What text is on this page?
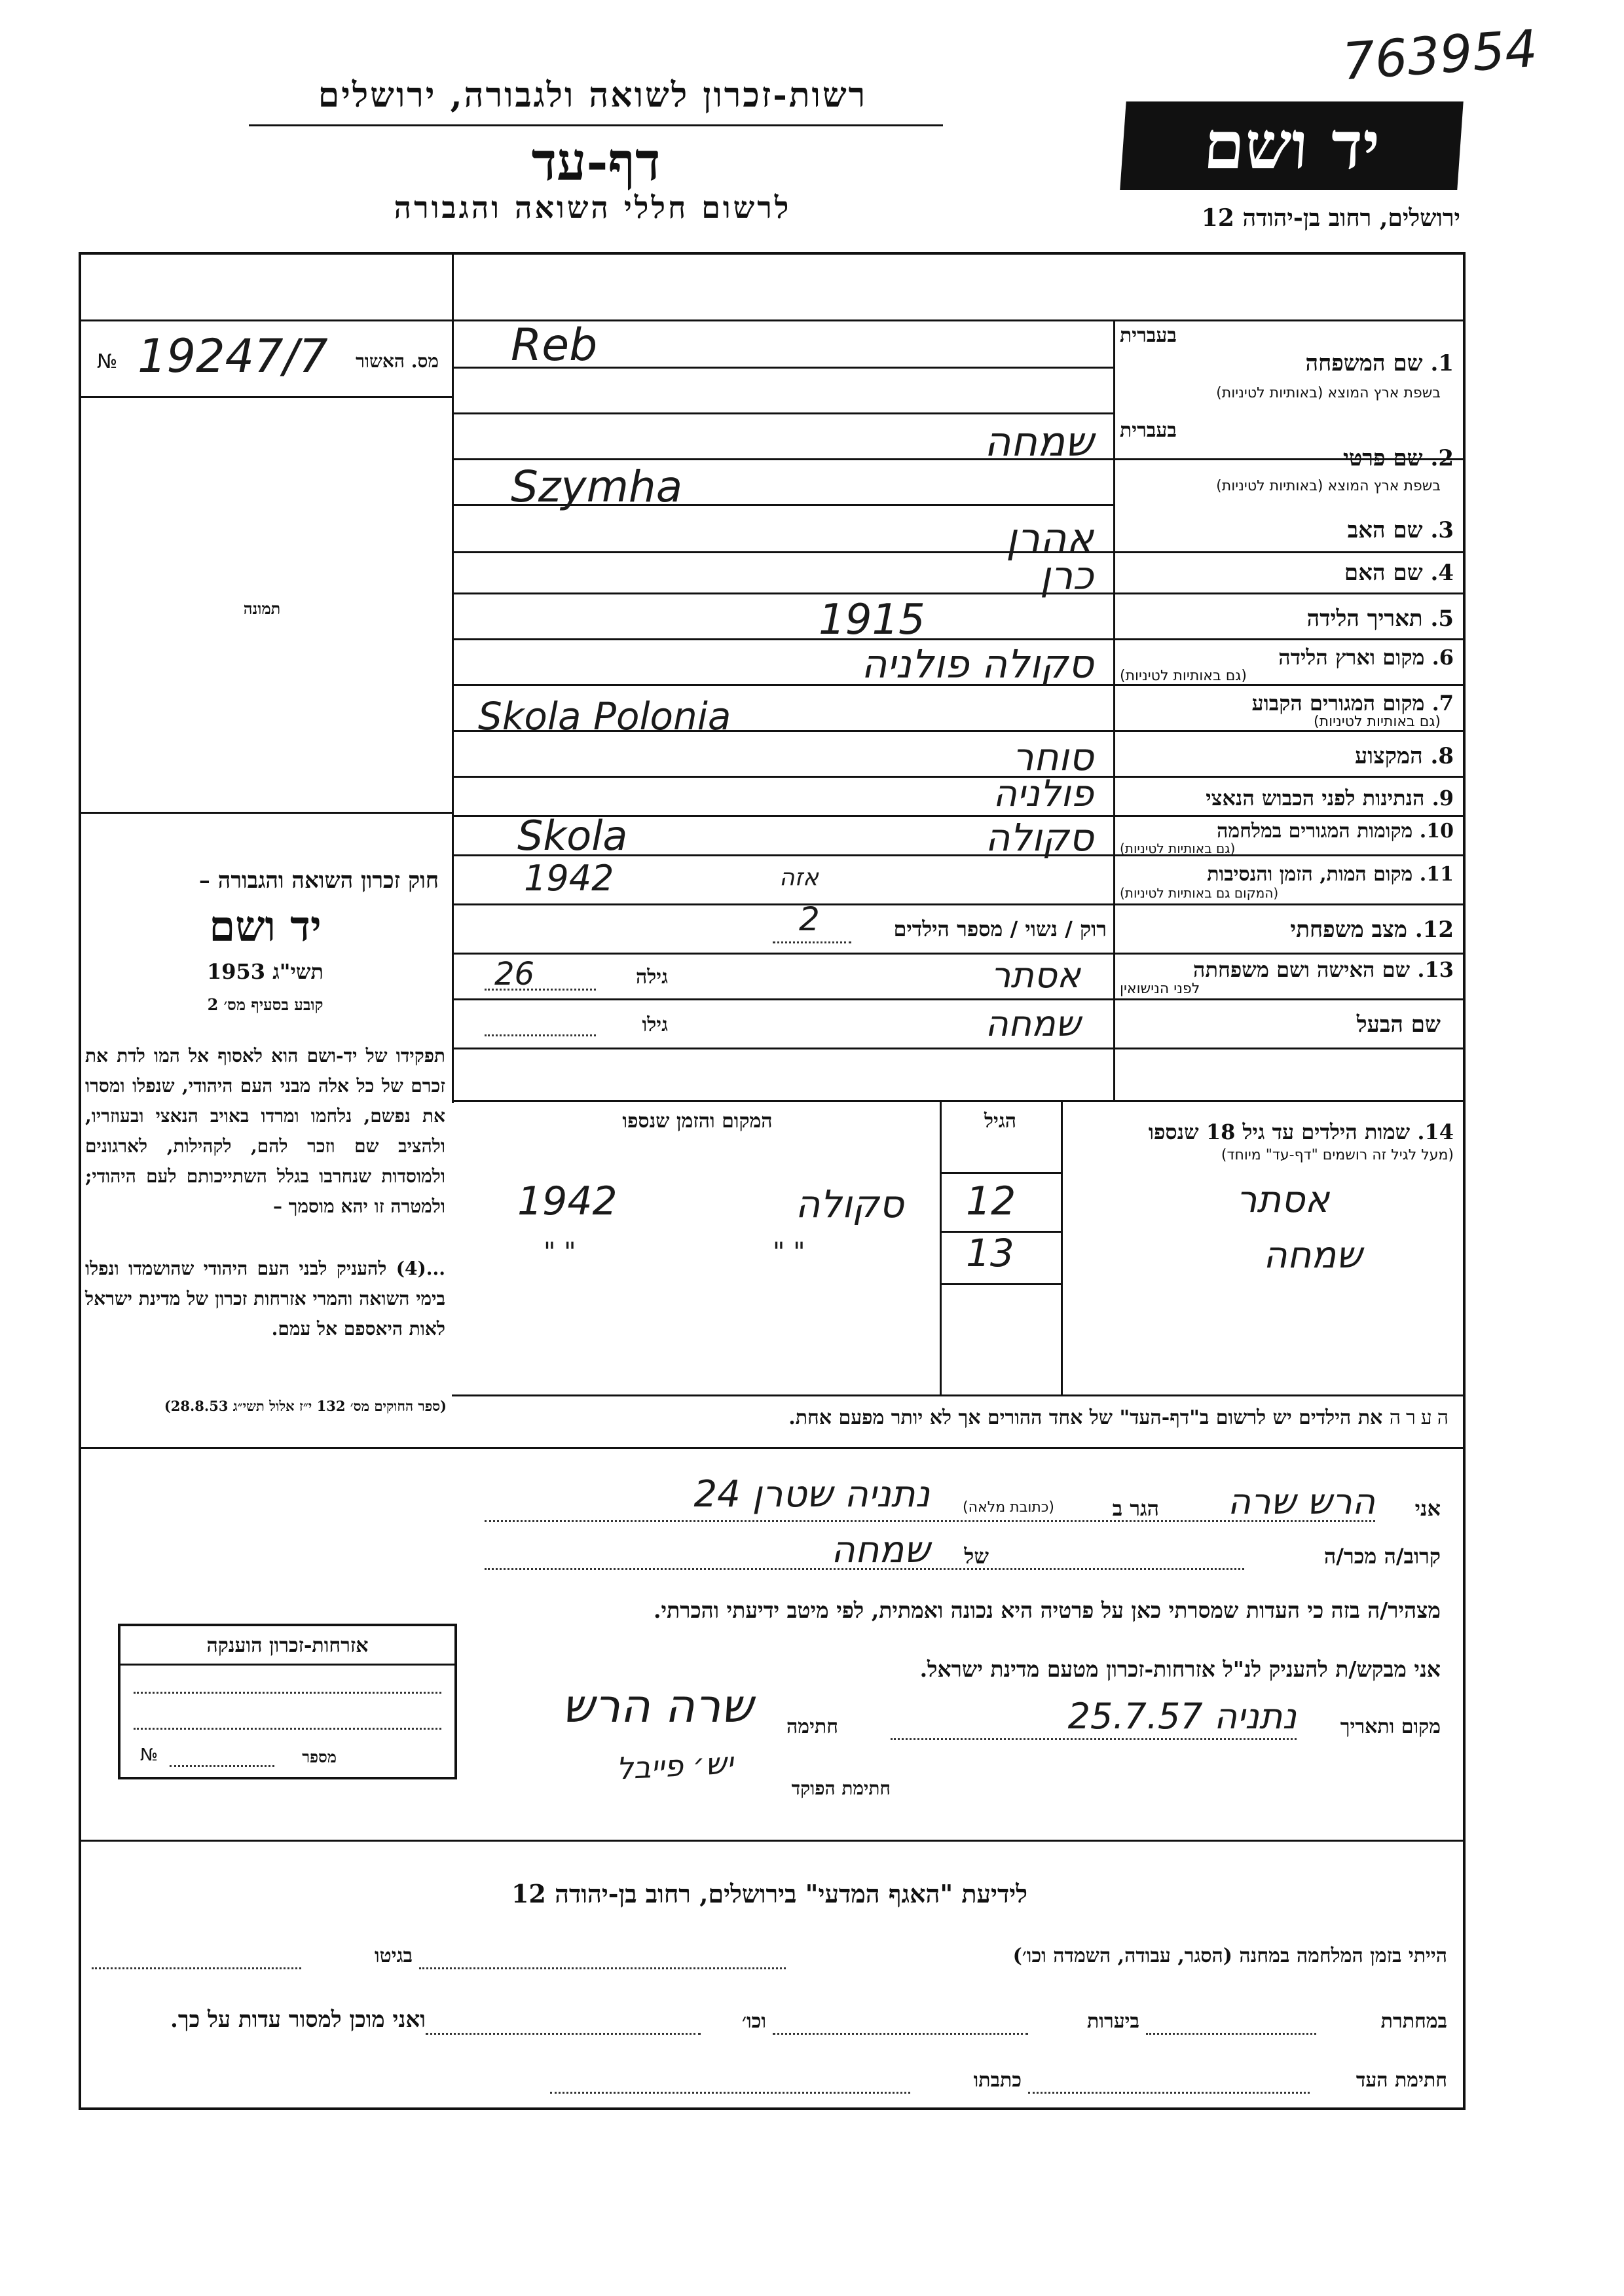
763954
רשות-זכרון לשואה ולגבורה, ירושלים
דף-עד
לרשום חללי השואה והגבורה
יד ושם
ירושלים, רחוב בן-יהודה 12
№ 19247/7	מס. האשור
תמונה
חוק זכרון השואה והגבורה –
יד ושם
תשי"ג 1953
קובע בסעיף מס׳ 2
תפקידו של יד-ושם הוא לאסוף אל המו לדת את זכרם של כל אלה מבני העם היהודי, שנפלו ומסרו את נפשם, נלחמו ומרדו באויב הנאצי ובעוזריו, ולהציב שם וזכר להם, לקהילות, לארגונים ולמוסדות שנחרבו בגלל השתייכותם לעם היהודי; ולמטרה זו יהא מוסמך –
...(4) להעניק לבני העם היהודי שהושמדו ונפלו בימי השואה והמרי אזרחות זכרון של מדינת ישראל לאות היאספם אל עמם.
(ספר החוקים מס׳ 132 י״ז אלול תשי״ג 28.8.53)
בעברית
1. שם המשפחה
בשפת ארץ המוצא (באותיות לטיניות)
Reb
בעברית
2. שם פרטי
בשפת ארץ המוצא (באותיות לטיניות)
שמחה
Szymha
3. שם האב
אהרן
4. שם האם
כרן
5. תאריך הלידה
1915
6. מקום וארץ הלידה
(גם באותיות לטיניות)
סקולה פולניה
7. מקום המגורים הקבוע
(גם באותיות לטיניות)
Skola Polonia
8. המקצוע
סוחר
9. הנתינות לפני הכבוש הנאצי
פולניה
10. מקומות המגורים במלחמה
(גם באותיות לטיניות)
סקולה
Skola
11. מקום המות, הזמן והנסיבות
(המקום גם באותיות לטיניות)
1942	אזה
12. מצב משפחתי
רוק / נשוי / מספר הילדים
2
13. שם האישה ושם משפחתה
לפני הנישואין
אסתר
גילה
26
שם הבעל
שמחה
גילו
14. שמות הילדים עד גיל 18 שנספו
(מעל לגיל זה רושמים "דף-עד" מיוחד)
הגיל
המקום והזמן שנספו
אסתר
12
סקולה
1942
שמחה
13
" "
" "
הערה את הילדים יש לרשום ב"דף-העד" של אחד ההורים אך לא יותר מפעם אחת.
אני
הרש שרה
הגר ב
(כתובת מלאה)
נתניה שטרן 24
קרוב/ה מכר/ה
של
שמחה
מצהיר/ה בזה כי העדות שמסרתי כאן על פרטיה היא נכונה ואמתית, לפי מיטב ידיעתי והכרתי.
אני מבקש/ת להעניק לנ"ל אזרחות-זכרון מטעם מדינת ישראל.
מקום ותאריך
נתניה 25.7.57
חתימה
שרה הרש
חתימת הפוקד
יש׳ פייבל
אזרחות-זכרון הוענקה
מספר
№
לידיעת "האגף המדעי" בירושלים, רחוב בן-יהודה 12
הייתי בזמן המלחמה במחנה (הסגר, עבודה, השמדה וכו׳)
בגיטו
במחתרת
ביערות
וכו׳
ואני מוכן למסור עדות על כך.
חתימת העד
כתבתו
